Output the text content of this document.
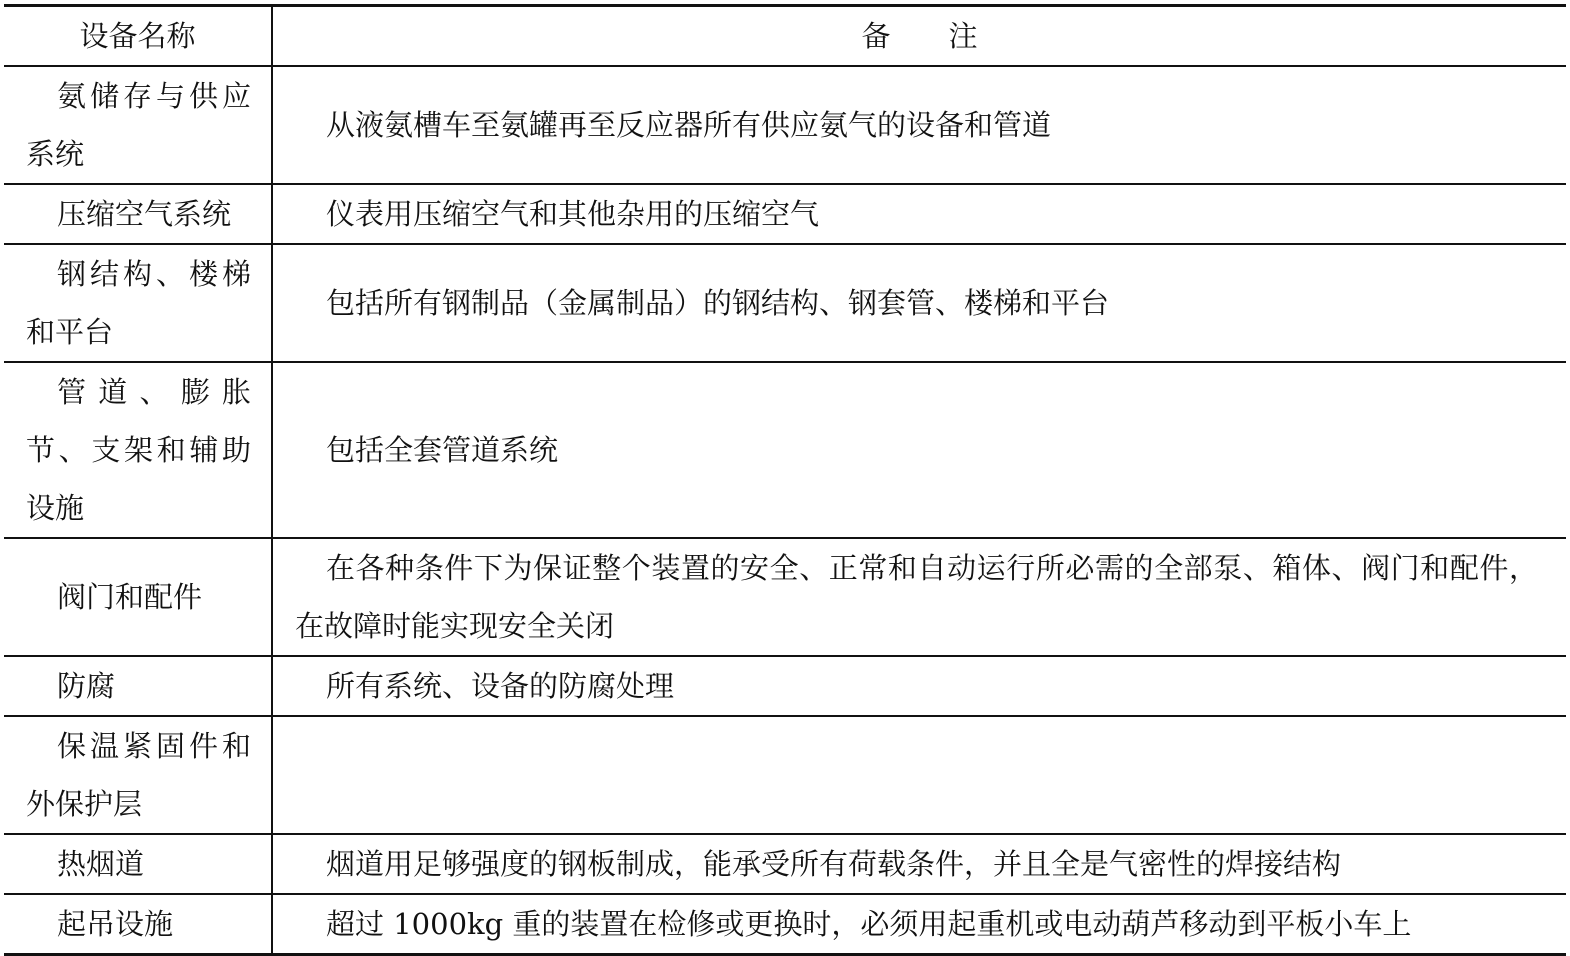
设备名称	备注
氨储存与供应系统	从液氨槽车至氨罐再至反应器所有供应氨气的设备和管道
压缩空气系统	仪表用压缩空气和其他杂用的压缩空气
钢结构、楼梯和平台	包括所有钢制品（金属制品）的钢结构、钢套管、楼梯和平台
管道、膨胀节、支架和辅助设施	包括全套管道系统
阀门和配件	在各种条件下为保证整个装置的安全、正常和自动运行所必需的全部泵、箱体、阀门和配件，在故障时能实现安全关闭
防腐	所有系统、设备的防腐处理
保温紧固件和外保护层	
热烟道	烟道用足够强度的钢板制成，能承受所有荷载条件，并且全是气密性的焊接结构
起吊设施	超过 1000kg 重的装置在检修或更换时，必须用起重机或电动葫芦移动到平板小车上
